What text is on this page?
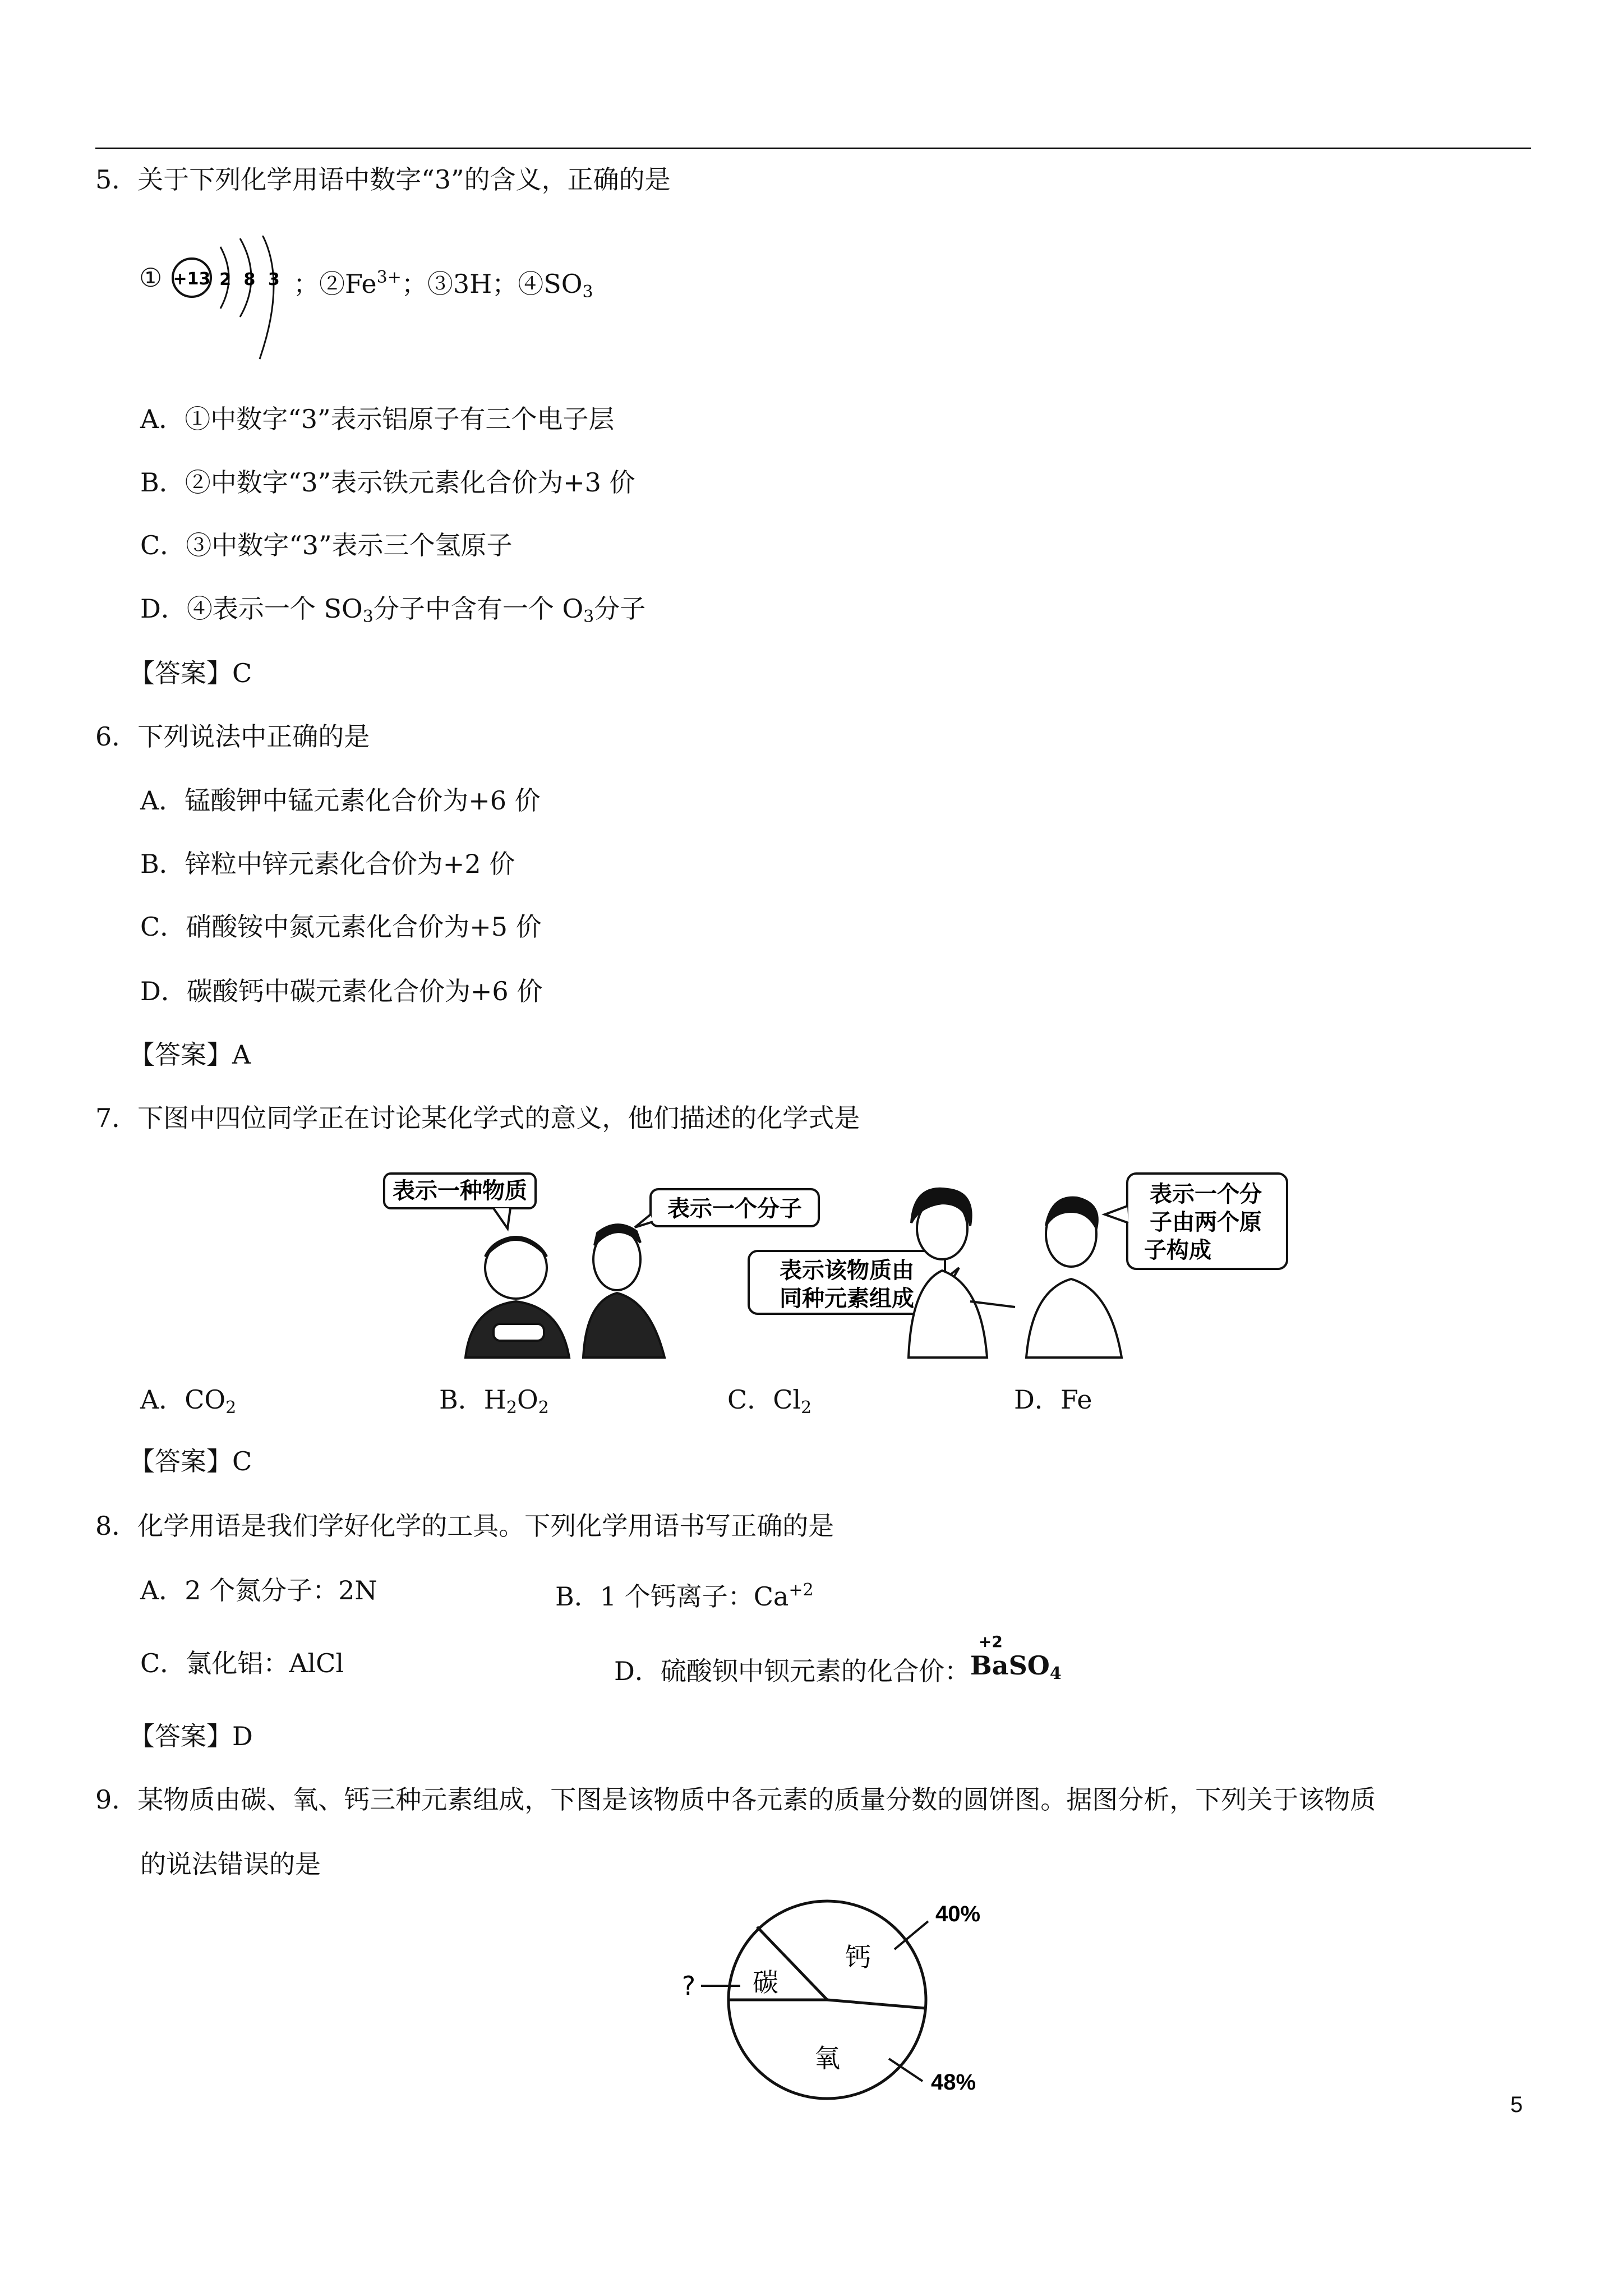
5．关于下列化学用语中数字“3”的含义，正确的是
① +13 2 8 3 ；$②Fe^{3+}$；③3H；$④SO_3$
A．①中数字“3”表示铝原子有三个电子层
B．②中数字“3”表示铁元素化合价为+3 价
C．③中数字“3”表示三个氢原子
D．④表示一个 $SO_3$分子中含有一个 $O_3$分子
【答案】C
6．下列说法中正确的是
A．锰酸钾中锰元素化合价为+6 价
B．锌粒中锌元素化合价为+2 价
C．硝酸铵中氮元素化合价为+5 价
D．碳酸钙中碳元素化合价为+6 价
【答案】A
7．下图中四位同学正在讨论某化学式的意义，他们描述的化学式是
表示一种物质
表示一个分子
表示该物质由
同种元素组成
表示一个分
子由两个原
子构成
A．$CO_2$	B．$H_2O_2$	C．$Cl_2$	D．Fe
【答案】C
8．化学用语是我们学好化学的工具。下列化学用语书写正确的是
A．2 个氮分子：2N	B．1 个钙离子：$Ca^{+2}$
C．氯化铝：AlCl	D．硫酸钡中钡元素的化合价：
+2
BaSO$_4$
【答案】D
9．某物质由碳、氧、钙三种元素组成，下图是该物质中各元素的质量分数的圆饼图。据图分析，下列关于该物质
的说法错误的是
碳
钙
氧
?
40%
48%
5
